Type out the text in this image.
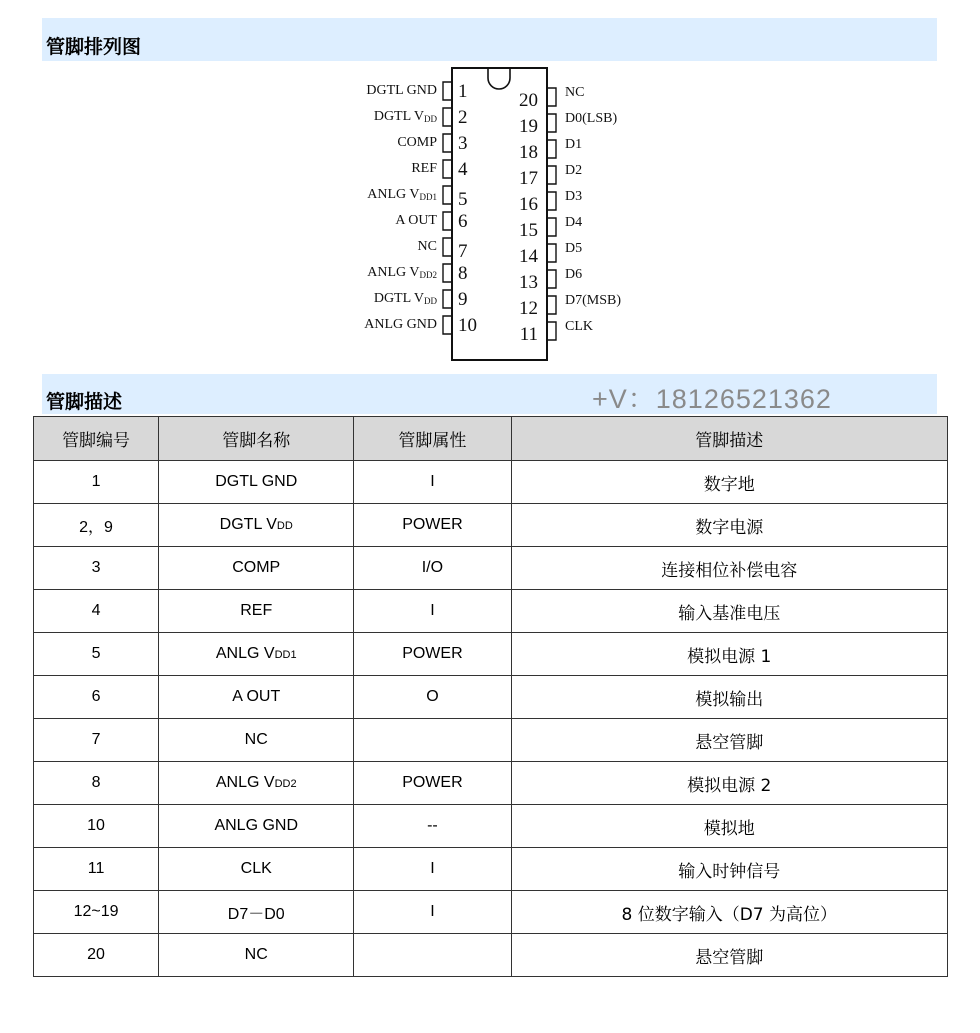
管脚排列图
DGTL GND 1
DGTL VDD 2
COMP 3
REF 4
ANLG VDD1 5
A OUT 6
NC 7
ANLG VDD2 8
DGTL VDD 9
ANLG GND 10
NC
20
D0(LSB)
19
D1
18
D2
17
D3
16
D4
15
D5
14
D6
13
D7(MSB)
12
CLK
11
管脚描述	+V：18126521362
管脚编号	管脚名称	管脚属性	管脚描述
1	DGTL GND	I	数字地
2，9	DGTL VDD	POWER	数字电源
3	COMP	I/O	连接相位补偿电容
4	REF	I	输入基准电压
5	ANLG VDD1	POWER	模拟电源 1
6	A OUT	O	模拟输出
7	NC		悬空管脚
8	ANLG VDD2	POWER	模拟电源 2
10	ANLG GND	--	模拟地
11	CLK	I	输入时钟信号
12~19	D7－D0	I	8 位数字输入（D7 为高位）
20	NC		悬空管脚
